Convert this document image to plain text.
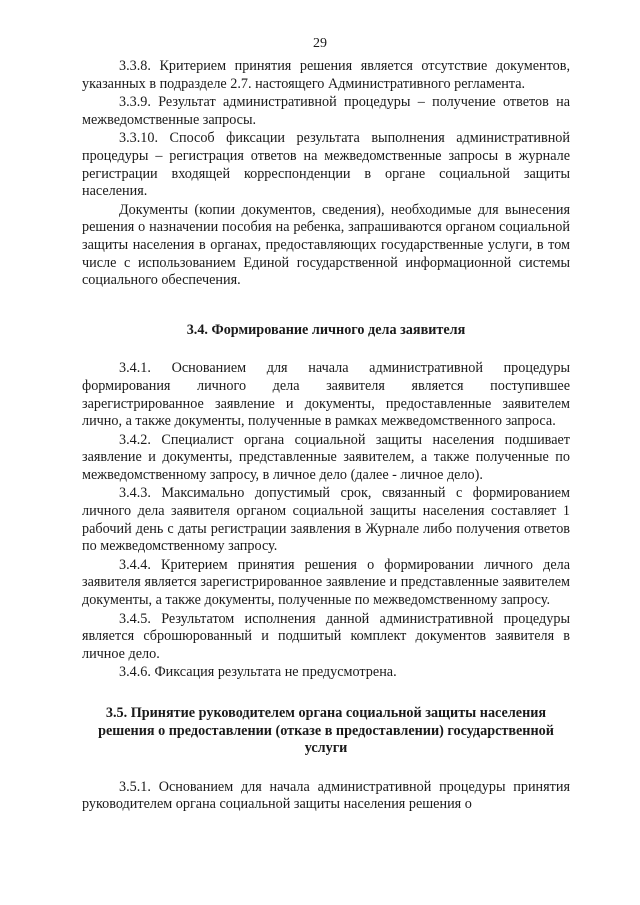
29

3.3.8. Критерием принятия решения является отсутствие документов, указанных в подразделе 2.7. настоящего Административного регламента.

3.3.9. Результат административной процедуры – получение ответов на межведомственные запросы.

3.3.10. Способ фиксации результата выполнения административной процедуры – регистрация ответов на межведомственные запросы в журнале регистрации входящей корреспонденции в органе социальной защиты населения.

Документы (копии документов, сведения), необходимые для вынесения решения о назначении пособия на ребенка, запрашиваются органом социальной защиты населения в органах, предоставляющих государственные услуги, в том числе с использованием Единой государственной информационной системы социального обеспечения.

3.4. Формирование личного дела заявителя

3.4.1. Основанием для начала административной процедуры формирования личного дела заявителя является поступившее зарегистрированное заявление и документы, предоставленные заявителем лично, а также документы, полученные в рамках межведомственного запроса.

3.4.2. Специалист органа социальной защиты населения подшивает заявление и документы, представленные заявителем, а также полученные по межведомственному запросу, в личное дело (далее - личное дело).

3.4.3. Максимально допустимый срок, связанный с формированием личного дела заявителя органом социальной защиты населения составляет 1 рабочий день с даты регистрации заявления в Журнале либо получения ответов по межведомственному запросу.

3.4.4. Критерием принятия решения о формировании личного дела заявителя является зарегистрированное заявление и представленные заявителем документы, а также документы, полученные по межведомственному запросу.

3.4.5. Результатом исполнения данной административной процедуры является сброшюрованный и подшитый комплект документов заявителя в личное дело.

3.4.6. Фиксация результата не предусмотрена.

3.5. Принятие руководителем органа социальной защиты населения решения о предоставлении (отказе в предоставлении) государственной услуги

3.5.1. Основанием для начала административной процедуры принятия руководителем органа социальной защиты населения решения о
